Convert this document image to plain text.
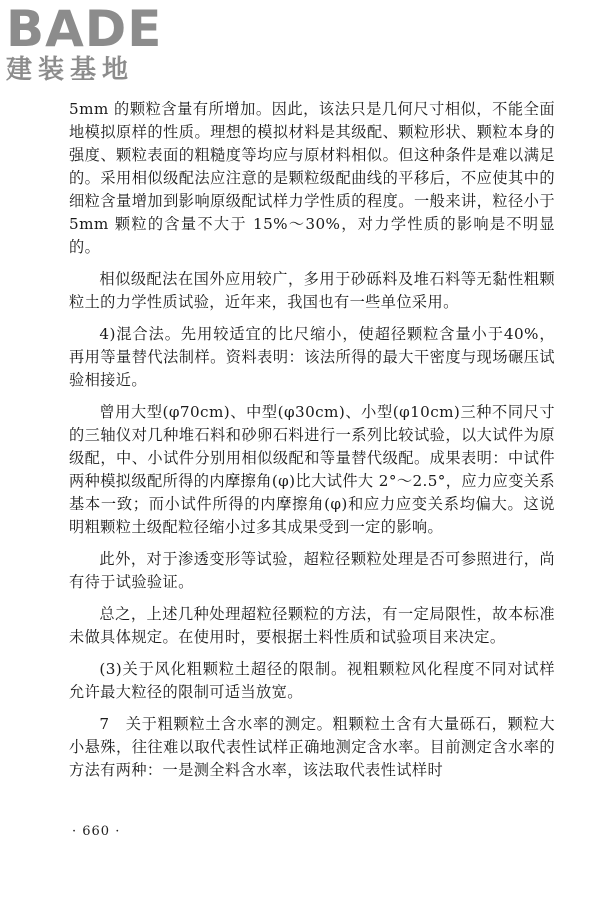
BADE
建装基地

5mm 的颗粒含量有所增加。因此，该法只是几何尺寸相似，不能全面地模拟原样的性质。理想的模拟材料是其级配、颗粒形状、颗粒本身的强度、颗粒表面的粗糙度等均应与原材料相似。但这种条件是难以满足的。采用相似级配法应注意的是颗粒级配曲线的平移后，不应使其中的细粒含量增加到影响原级配试样力学性质的程度。一般来讲，粒径小于 5mm 颗粒的含量不大于 15%～30%，对力学性质的影响是不明显的。

相似级配法在国外应用较广，多用于砂砾料及堆石料等无黏性粗颗粒土的力学性质试验，近年来，我国也有一些单位采用。

4)混合法。先用较适宜的比尺缩小，使超径颗粒含量小于40%，再用等量替代法制样。资料表明：该法所得的最大干密度与现场碾压试验相接近。

曾用大型(φ70cm)、中型(φ30cm)、小型(φ10cm)三种不同尺寸的三轴仪对几种堆石料和砂卵石料进行一系列比较试验，以大试件为原级配，中、小试件分别用相似级配和等量替代级配。成果表明：中试件两种模拟级配所得的内摩擦角(φ)比大试件大 2°～2.5°，应力应变关系基本一致；而小试件所得的内摩擦角(φ)和应力应变关系均偏大。这说明粗颗粒土级配粒径缩小过多其成果受到一定的影响。

此外，对于渗透变形等试验，超粒径颗粒处理是否可参照进行，尚有待于试验验证。

总之，上述几种处理超粒径颗粒的方法，有一定局限性，故本标准未做具体规定。在使用时，要根据土料性质和试验项目来决定。

(3)关于风化粗颗粒土超径的限制。视粗颗粒风化程度不同对试样允许最大粒径的限制可适当放宽。

7　关于粗颗粒土含水率的测定。粗颗粒土含有大量砾石，颗粒大小悬殊，往往难以取代表性试样正确地测定含水率。目前测定含水率的方法有两种：一是测全料含水率，该法取代表性试样时

· 660 ·
